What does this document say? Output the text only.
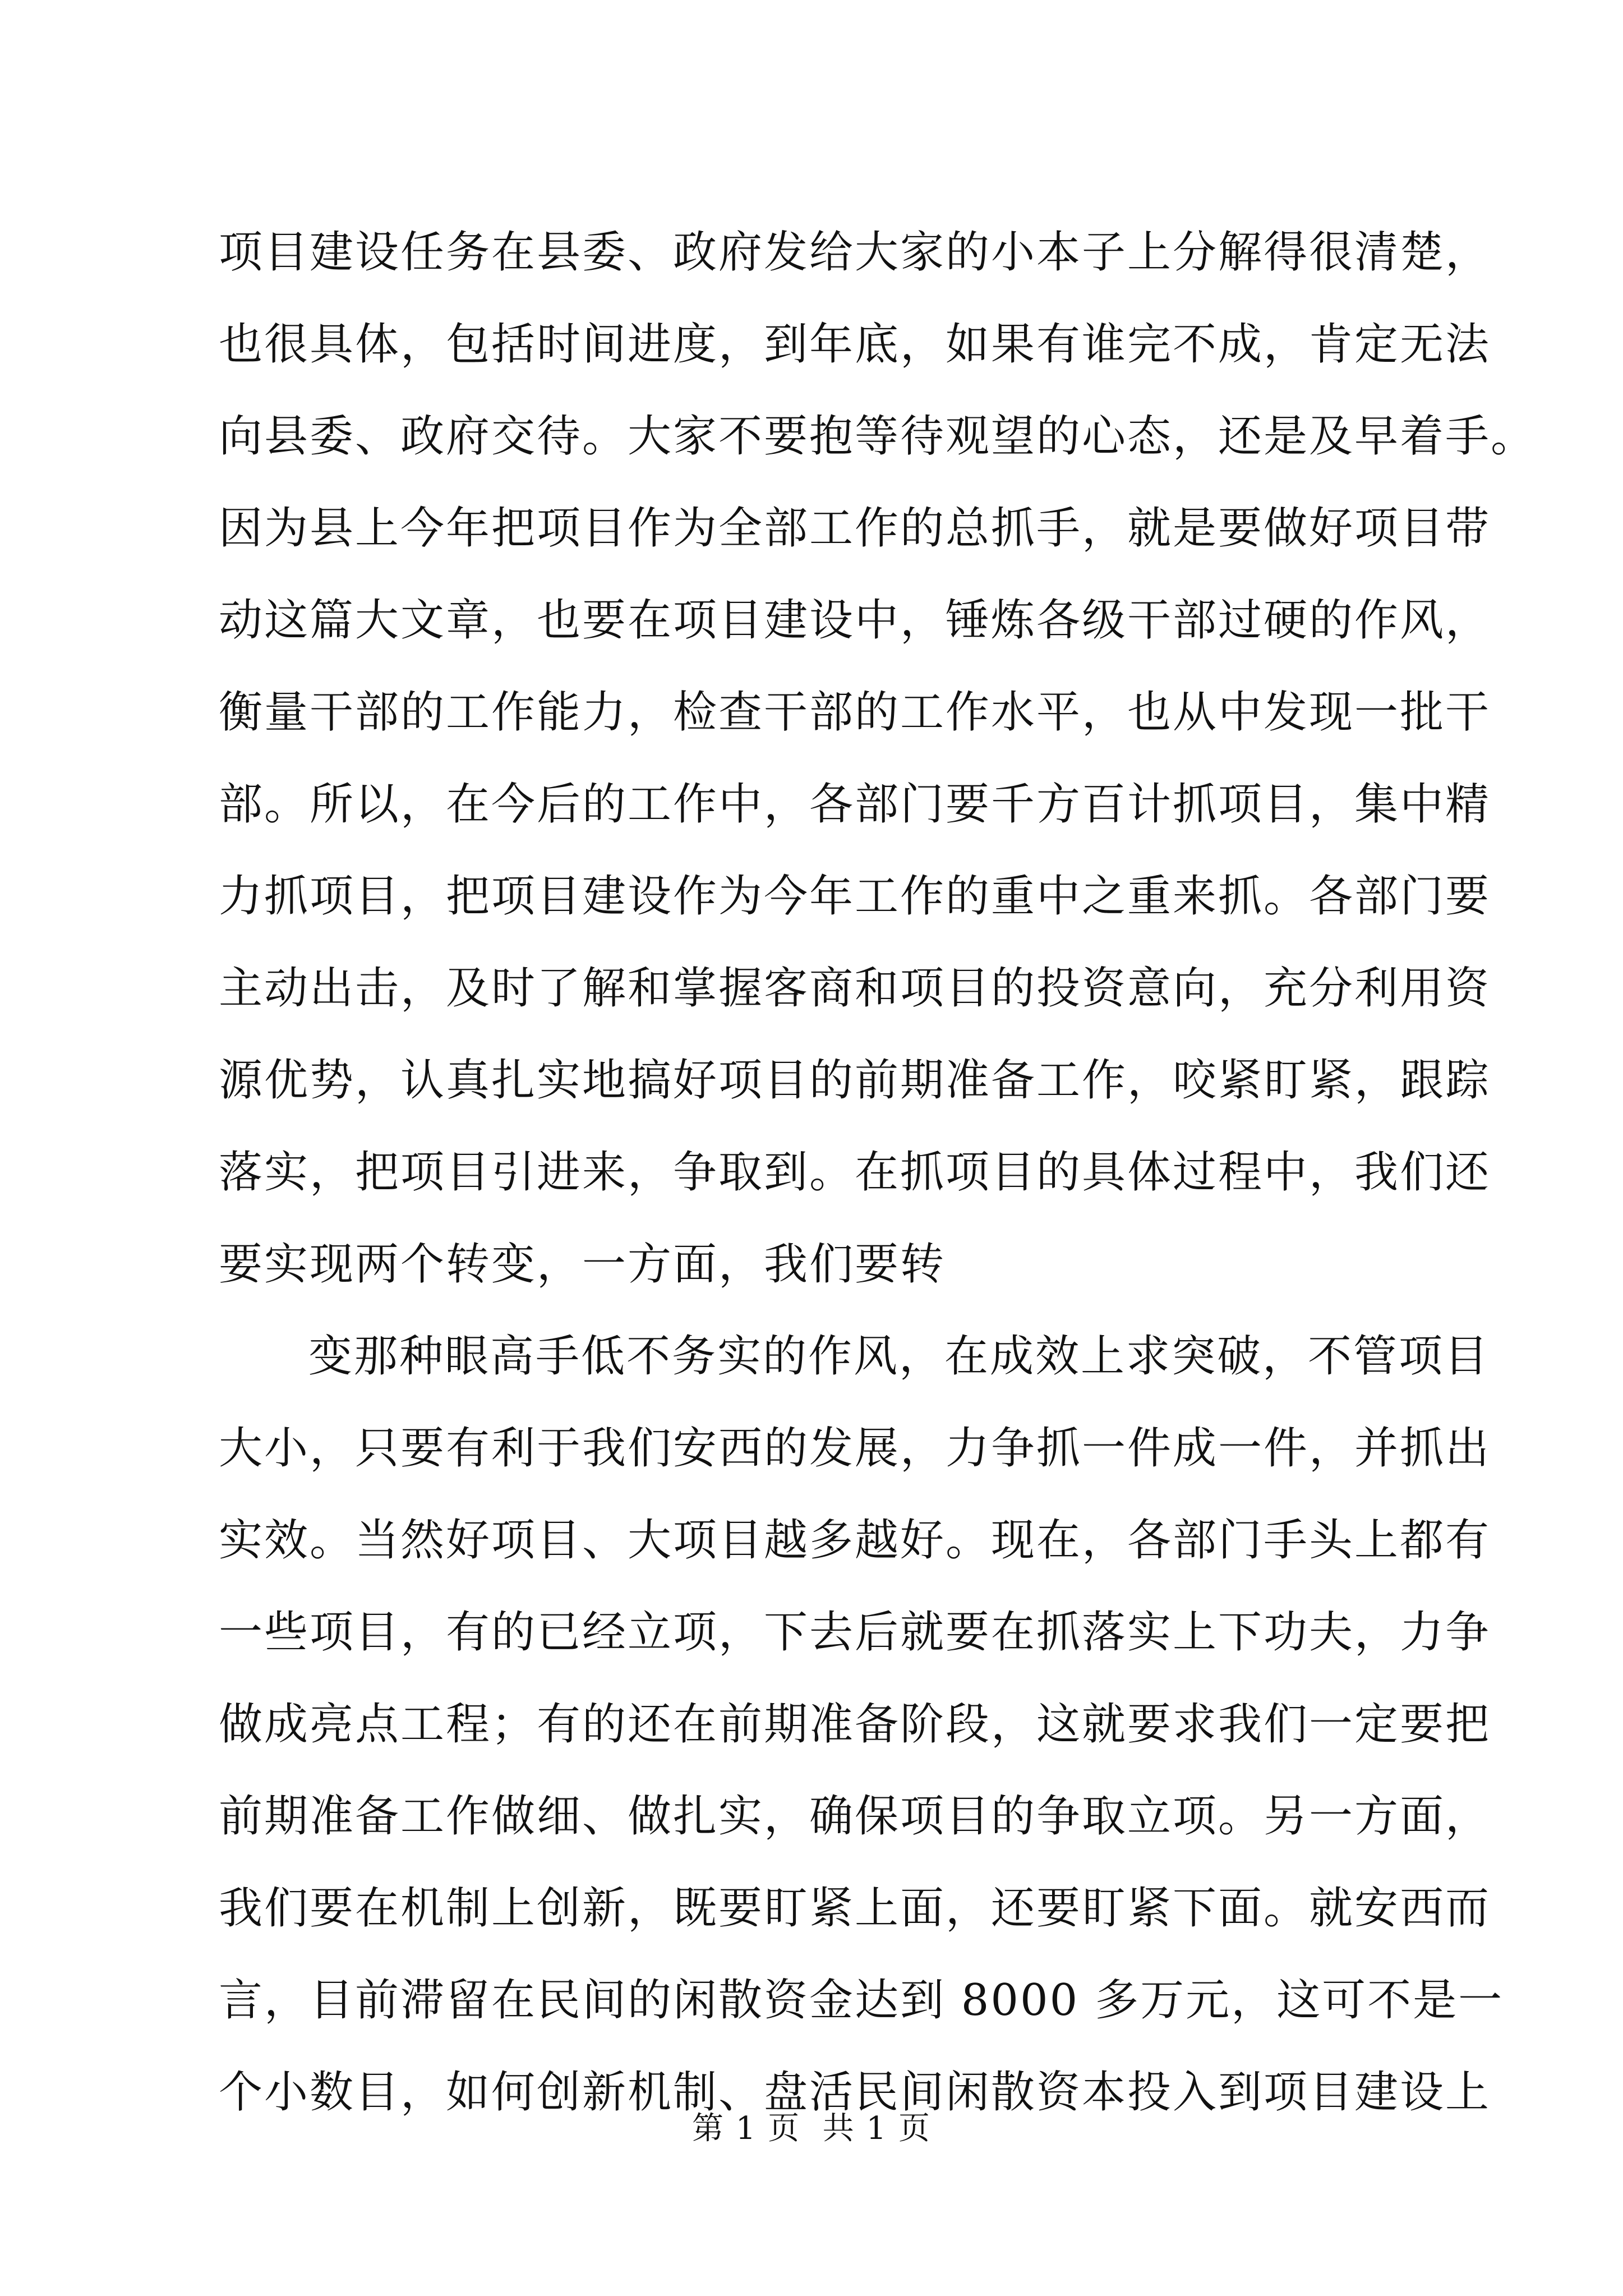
项目建设任务在县委、政府发给大家的小本子上分解得很清楚，
也很具体，包括时间进度，到年底，如果有谁完不成，肯定无法
向县委、政府交待。大家不要抱等待观望的心态，还是及早着手。
因为县上今年把项目作为全部工作的总抓手，就是要做好项目带
动这篇大文章，也要在项目建设中，锤炼各级干部过硬的作风，
衡量干部的工作能力，检查干部的工作水平，也从中发现一批干
部。所以，在今后的工作中，各部门要千方百计抓项目，集中精
力抓项目，把项目建设作为今年工作的重中之重来抓。各部门要
主动出击，及时了解和掌握客商和项目的投资意向，充分利用资
源优势，认真扎实地搞好项目的前期准备工作，咬紧盯紧，跟踪
落实，把项目引进来，争取到。在抓项目的具体过程中，我们还
要实现两个转变，一方面，我们要转
变那种眼高手低不务实的作风，在成效上求突破，不管项目
大小，只要有利于我们安西的发展，力争抓一件成一件，并抓出
实效。当然好项目、大项目越多越好。现在，各部门手头上都有
一些项目，有的已经立项，下去后就要在抓落实上下功夫，力争
做成亮点工程；有的还在前期准备阶段，这就要求我们一定要把
前期准备工作做细、做扎实，确保项目的争取立项。另一方面，
我们要在机制上创新，既要盯紧上面，还要盯紧下面。就安西而
言，目前滞留在民间的闲散资金达到 8000 多万元，这可不是一
个小数目，如何创新机制、盘活民间闲散资本投入到项目建设上
第 1 页  共 1 页
